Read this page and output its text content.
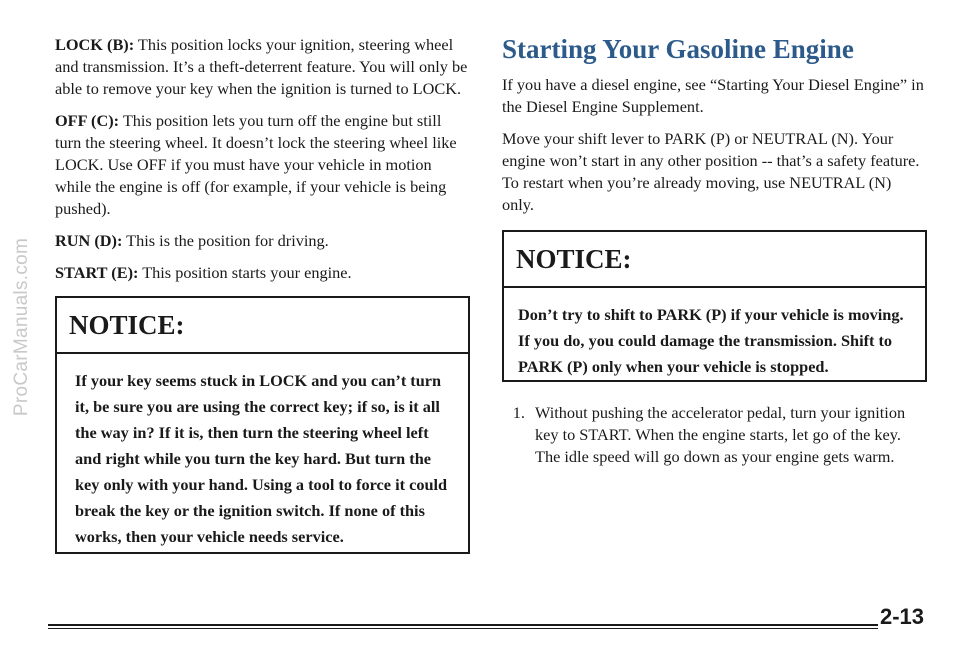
ProCarManuals.com

LOCK (B): This position locks your ignition, steering wheel and transmission. It’s a theft-deterrent feature. You will only be able to remove your key when the ignition is turned to LOCK.

OFF (C): This position lets you turn off the engine but still turn the steering wheel. It doesn’t lock the steering wheel like LOCK. Use OFF if you must have your vehicle in motion while the engine is off (for example, if your vehicle is being pushed).

RUN (D): This is the position for driving.

START (E): This position starts your engine.

NOTICE:
If your key seems stuck in LOCK and you can’t turn it, be sure you are using the correct key; if so, is it all the way in? If it is, then turn the steering wheel left and right while you turn the key hard. But turn the key only with your hand. Using a tool to force it could break the key or the ignition switch. If none of this works, then your vehicle needs service.
Starting Your Gasoline Engine

If you have a diesel engine, see “Starting Your Diesel Engine” in the Diesel Engine Supplement.

Move your shift lever to PARK (P) or NEUTRAL (N). Your engine won’t start in any other position -- that’s a safety feature. To restart when you’re already moving, use NEUTRAL (N) only.

NOTICE:
Don’t try to shift to PARK (P) if your vehicle is moving. If you do, you could damage the transmission. Shift to PARK (P) only when your vehicle is stopped.
1. Without pushing the accelerator pedal, turn your ignition key to START. When the engine starts, let go of the key. The idle speed will go down as your engine gets warm.
2-13
